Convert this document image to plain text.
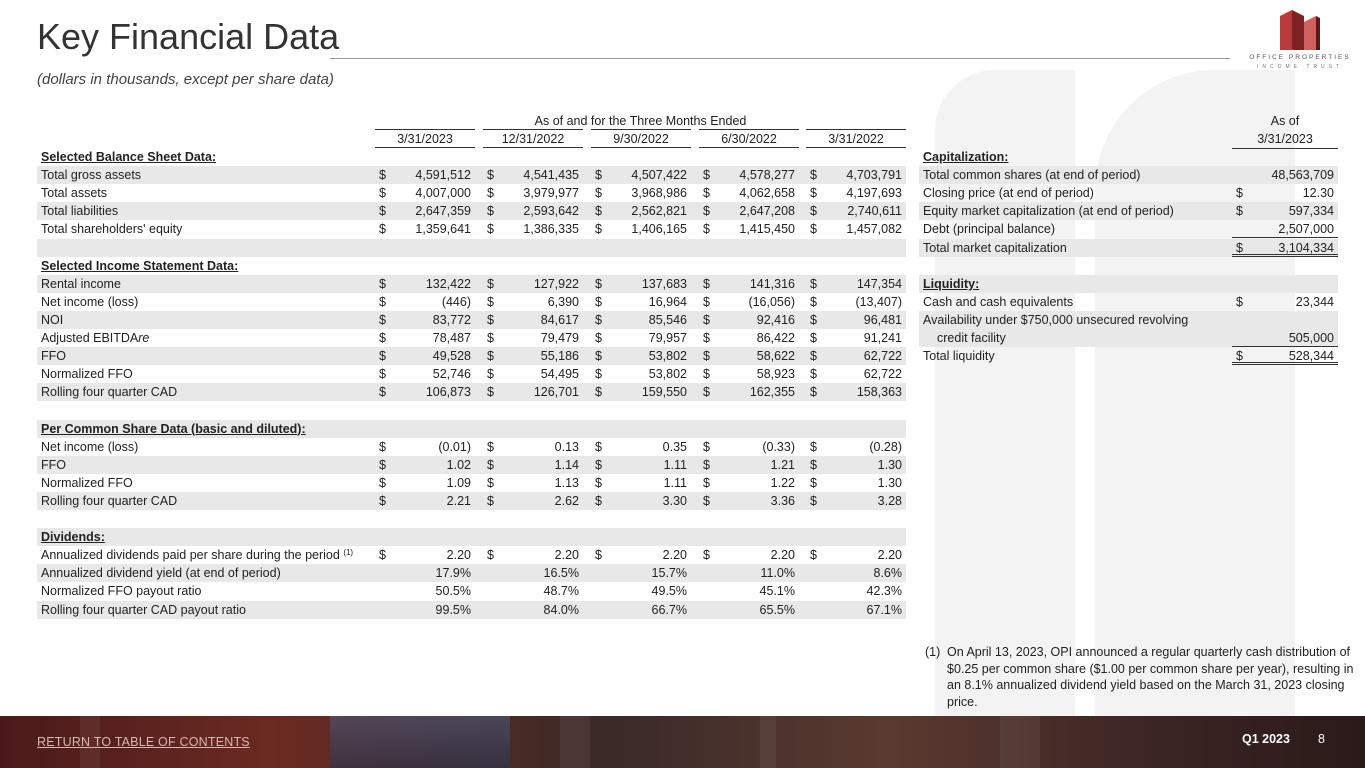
Key Financial Data
(dollars in thousands, except per share data)
OFFICE PROPERTIES
INCOME TRUST
As of and for the Three Months Ended
3/31/2023	12/31/2022	9/30/2022	6/30/2022	3/31/2022
Selected Balance Sheet Data:
Total gross assets	$ 4,591,512 $ 4,541,435 $ 4,507,422 $ 4,578,277 $ 4,703,791
Total assets	$ 4,007,000 $ 3,979,977 $ 3,968,986 $ 4,062,658 $ 4,197,693
Total liabilities	$ 2,647,359 $ 2,593,642 $ 2,562,821 $ 2,647,208 $ 2,740,611
Total shareholders' equity	$ 1,359,641 $ 1,386,335 $ 1,406,165 $ 1,415,450 $ 1,457,082
Selected Income Statement Data:
Rental income	$	132,422 $	127,922 $	137,683 $	141,316 $	147,354
Net income (loss)	$	(446) $	6,390 $	16,964 $	(16,056) $	(13,407)
NOI	$	83,772 $	84,617 $	85,546 $	92,416 $	96,481
Adjusted EBITDAre	$	78,487 $	79,479 $	79,957 $	86,422 $	91,241
FFO	$	49,528 $	55,186 $	53,802 $	58,622 $	62,722
Normalized FFO	$	52,746 $	54,495 $	53,802 $	58,923 $	62,722
Rolling four quarter CAD	$	106,873 $	126,701 $	159,550 $	162,355 $	158,363
Per Common Share Data (basic and diluted):
Net income (loss)	$	(0.01) $	0.13 $	0.35 $	(0.33) $	(0.28)
FFO	$	1.02 $	1.14 $	1.11 $	1.21 $	1.30
Normalized FFO	$	1.09 $	1.13 $	1.11 $	1.22 $	1.30
Rolling four quarter CAD	$	2.21 $	2.62 $	3.30 $	3.36 $	3.28
Dividends:
Annualized dividends paid per share during the period $^{(1)}$ $	2.20 $	2.20 $	2.20 $	2.20 $	2.20
Annualized dividend yield (at end of period)	17.9%	16.5%	15.7%	11.0%	8.6%
Normalized FFO payout ratio	50.5%	48.7%	49.5%	45.1%	42.3%
Rolling four quarter CAD payout ratio	99.5%	84.0%	66.7%	65.5%	67.1%
As of
3/31/2023
Capitalization:
Total common shares (at end of period)	48,563,709
Closing price (at end of period)	$	12.30
Equity market capitalization (at end of period)	$	597,334
Debt (principal balance)	2,507,000
Total market capitalization	$	3,104,334
Liquidity:
Cash and cash equivalents	$	23,344
Availability under $750,000 unsecured revolving
credit facility	505,000
Total liquidity	$	528,344
(1) On April 13, 2023, OPI announced a regular quarterly cash distribution of $0.25 per common share ($1.00 per common share per year), resulting in an 8.1% annualized dividend yield based on the March 31, 2023 closing price.
RETURN TO TABLE OF CONTENTS	Q1 2023 8
